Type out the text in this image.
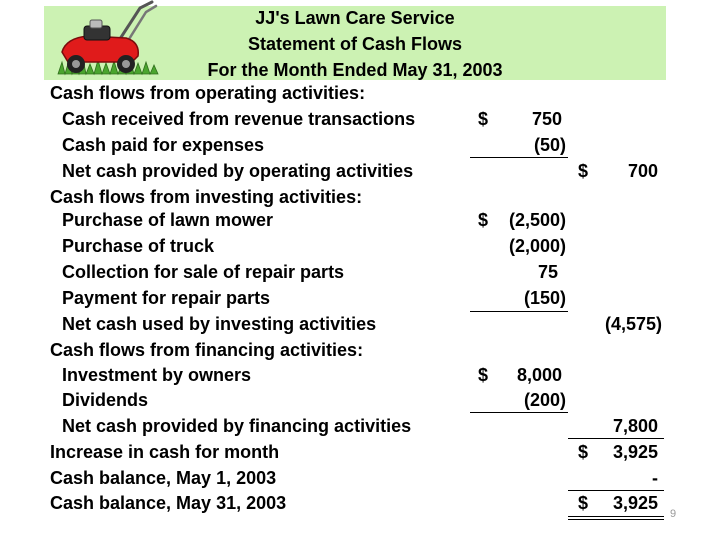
JJ's Lawn Care Service
Statement of Cash Flows
For the Month Ended May 31, 2003
Cash flows from operating activities:
Cash received from revenue transactions	$ 750
Cash paid for expenses	(50)
Net cash provided by operating activities	$ 700
Cash flows from investing activities:
Purchase of lawn mower	$ (2,500)
Purchase of truck	(2,000)
Collection for sale of repair parts	75
Payment for repair parts	(150)
Net cash used by investing activities	(4,575)
Cash flows from financing activities:
Investment by owners	$ 8,000
Dividends	(200)
Net cash provided by financing activities	7,800
Increase in cash for month	$ 3,925
Cash balance, May 1, 2003	-
Cash balance, May 31, 2003	$ 3,925
9
